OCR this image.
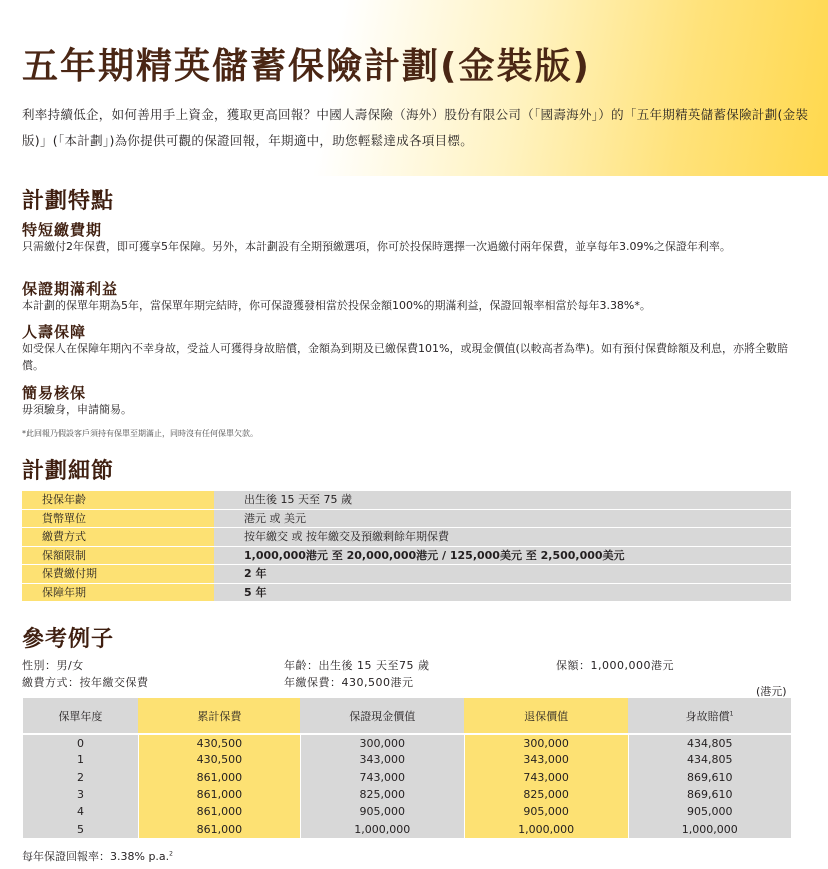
五年期精英儲蓄保險計劃(金裝版)

利率持續低企，如何善用手上資金，獲取更高回報？中國人壽保險（海外）股份有限公司（「國壽海外」）的「五年期精英儲蓄保險計劃(金裝版)」(「本計劃」)為你提供可觀的保證回報，年期適中，助您輕鬆達成各項目標。

計劃特點
特短繳費期

只需繳付2年保費，即可獲享5年保障。另外，本計劃設有全期預繳選項，你可於投保時選擇一次過繳付兩年保費，並享每年3.09%之保證年利率。

保證期滿利益

本計劃的保單年期為5年，當保單年期完結時，你可保證獲發相當於投保金額100%的期滿利益，保證回報率相當於每年3.38%*。

人壽保障

如受保人在保障年期內不幸身故，受益人可獲得身故賠償，金額為到期及已繳保費101%，或現金價值(以較高者為準)。如有預付保費餘額及利息，亦將全數賠償。

簡易核保

毋須驗身，申請簡易。

*此回報乃假設客戶須持有保單至期滿止，同時沒有任何保單欠款。

計劃細節
投保年齡	出生後 15 天至 75 歲
貨幣單位	港元 或 美元
繳費方式	按年繳交 或 按年繳交及預繳剩餘年期保費
保額限制	1,000,000港元 至 20,000,000港元 / 125,000美元 至 2,500,000美元
保費繳付期	2 年
保障年期	5 年
參考例子

性別：男/女

繳費方式：按年繳交保費

年齡：出生後 15 天至75 歲

年繳保費：430,500港元

保額：1,000,000港元

(港元)

保單年度	累計保費	保證現金價值	退保價值	身故賠償$^1$
0	430,500	300,000	300,000	434,805
1	430,500	343,000	343,000	434,805
2	861,000	743,000	743,000	869,610
3	861,000	825,000	825,000	869,610
4	861,000	905,000	905,000	905,000
5	861,000	1,000,000	1,000,000	1,000,000

每年保證回報率：3.38% p.a.$^2$
